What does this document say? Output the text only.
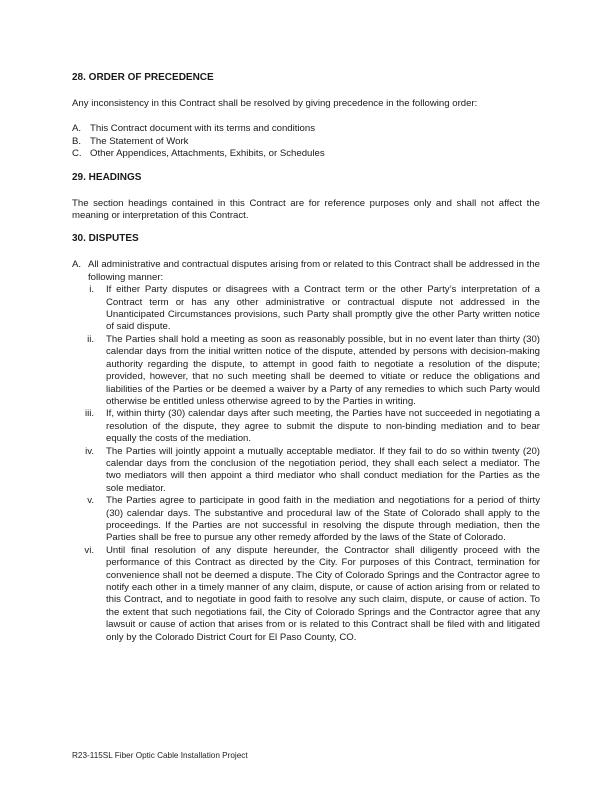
28. ORDER OF PRECEDENCE

Any inconsistency in this Contract shall be resolved by giving precedence in the following order:

A. This Contract document with its terms and conditions
B. The Statement of Work
C. Other Appendices, Attachments, Exhibits, or Schedules
29. HEADINGS

The section headings contained in this Contract are for reference purposes only and shall not affect the meaning or interpretation of this Contract.

30. DISPUTES
A. All administrative and contractual disputes arising from or related to this Contract shall be addressed in the following manner:
i.	If either Party disputes or disagrees with a Contract term or the other Party’s interpretation of a Contract term or has any other administrative or contractual dispute not addressed in the Unanticipated Circumstances provisions, such Party shall promptly give the other Party written notice of said dispute.
ii.	The Parties shall hold a meeting as soon as reasonably possible, but in no event later than thirty (30) calendar days from the initial written notice of the dispute, attended by persons with decision-making authority regarding the dispute, to attempt in good faith to negotiate a resolution of the dispute; provided, however, that no such meeting shall be deemed to vitiate or reduce the obligations and liabilities of the Parties or be deemed a waiver by a Party of any remedies to which such Party would otherwise be entitled unless otherwise agreed to by the Parties in writing.
iii.	If, within thirty (30) calendar days after such meeting, the Parties have not succeeded in negotiating a resolution of the dispute, they agree to submit the dispute to non-binding mediation and to bear equally the costs of the mediation.
iv.	The Parties will jointly appoint a mutually acceptable mediator. If they fail to do so within twenty (20) calendar days from the conclusion of the negotiation period, they shall each select a mediator. The two mediators will then appoint a third mediator who shall conduct mediation for the Parties as the sole mediator.
v.	The Parties agree to participate in good faith in the mediation and negotiations for a period of thirty (30) calendar days. The substantive and procedural law of the State of Colorado shall apply to the proceedings. If the Parties are not successful in resolving the dispute through mediation, then the Parties shall be free to pursue any other remedy afforded by the laws of the State of Colorado.
vi.	Until final resolution of any dispute hereunder, the Contractor shall diligently proceed with the performance of this Contract as directed by the City. For purposes of this Contract, termination for convenience shall not be deemed a dispute. The City of Colorado Springs and the Contractor agree to notify each other in a timely manner of any claim, dispute, or cause of action arising from or related to this Contract, and to negotiate in good faith to resolve any such claim, dispute, or cause of action. To the extent that such negotiations fail, the City of Colorado Springs and the Contractor agree that any lawsuit or cause of action that arises from or is related to this Contract shall be filed with and litigated only by the Colorado District Court for El Paso County, CO.
R23-115SL Fiber Optic Cable Installation Project
